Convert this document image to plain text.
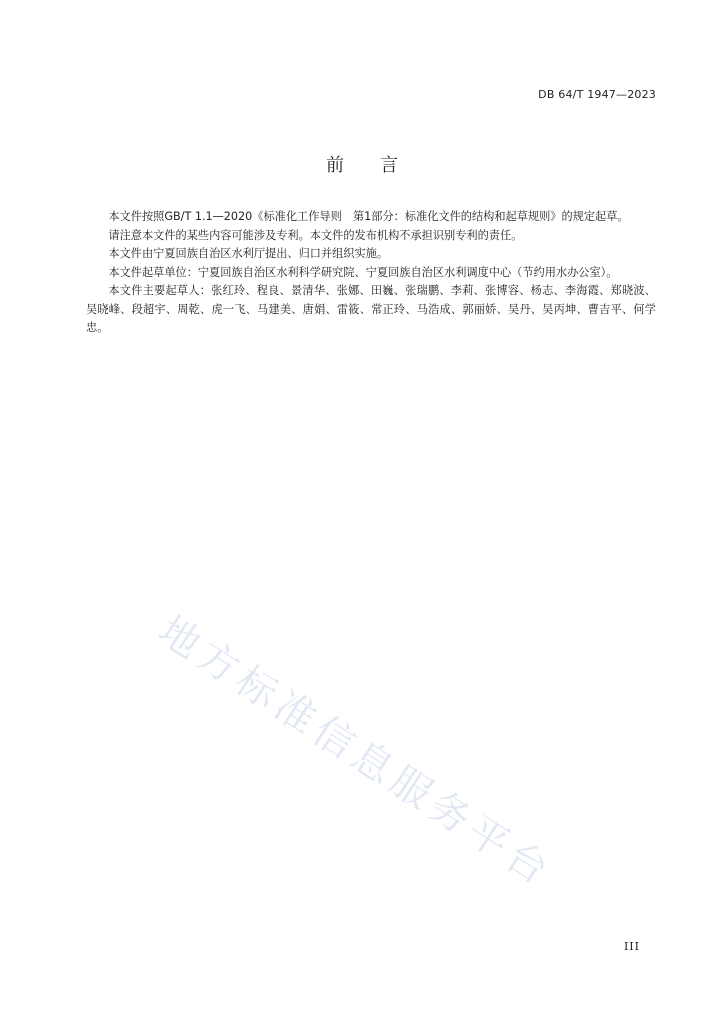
DB 64/T 1947—2023
前言

本文件按照GB/T 1.1—2020《标准化工作导则　第1部分：标准化文件的结构和起草规则》的规定起草。

请注意本文件的某些内容可能涉及专利。本文件的发布机构不承担识别专利的责任。

本文件由宁夏回族自治区水利厅提出、归口并组织实施。

本文件起草单位：宁夏回族自治区水利科学研究院、宁夏回族自治区水利调度中心（节约用水办公室）。

本文件主要起草人：张红玲、程良、景清华、张娜、田巍、张瑞鹏、李莉、张博容、杨志、李海霞、郑晓波、吴晓峰、段超宇、周乾、虎一飞、马建美、唐娟、雷筱、常正玲、马浩成、郭丽娇、吴丹、吴丙坤、曹吉平、何学忠。

地方标准信息服务平台
III
